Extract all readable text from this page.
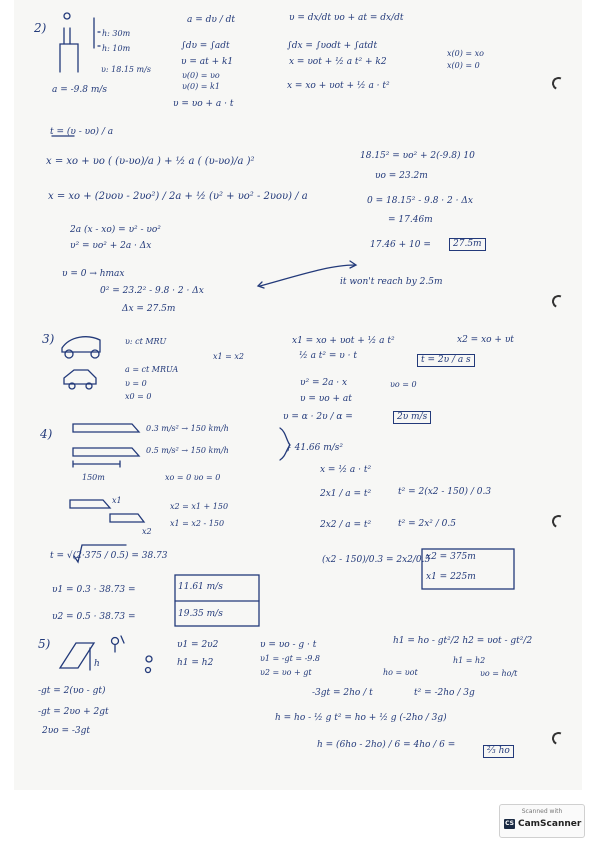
2)	h: 30m
h: 10m
υ: 18.15 m/s
a = -9.8 m/s
a = dυ / dt
∫dυ = ∫adt
υ = at + k1
υ(0) = υo
υ(0) = k1
υ = υo + a · t
υ = dx/dt υo + at = dx/dt
∫dx = ∫υodt + ∫atdt
x = υot + ½ a t² + k2
x = xo + υot + ½ a · t²
x(0) = xo
x(0) = 0
t = (υ - υo) / a
x = xo + υo ( (υ-υo)/a ) + ½ a ( (υ-υo)/a )²
x = xo + (2υoυ - 2υo²) / 2a + ½ (υ² + υo² - 2υoυ) / a
2a (x - xo) = υ² - υo²
υ² = υo² + 2a · Δx
υ = 0 → hmax
0² = 23.2² - 9.8 · 2 · Δx
Δx = 27.5m
18.15² = υo² + 2(-9.8) 10
υo = 23.2m
0 = 18.15² - 9.8 · 2 · Δx
= 17.46m
17.46 + 10 =	27.5m
it won't reach by 2.5m
3)	υ: ct MRU
x1 = x2
a = ct MRUA
υ = 0
x0 = 0
x1 = xo + υot + ½ a t²	x2 = xo + υt
½ a t² = υ · t	t = 2υ / a s
υ² = 2a · x	υo = 0
υ = υo + at
υ = α · 2υ / α =	2υ m/s
4)	0.3 m/s² → 150 km/h
0.5 m/s² → 150 km/h	} 41.66 m/s²
150m	xo = 0 υo = 0
x = ½ a · t²
2x1 / a = t²	t² = 2(x2 - 150) / 0.3
x1
x2 = x1 + 150
x1 = x2 - 150	2x2 / a = t²	t² = 2x² / 0.5
x2
t = √(2·375 / 0.5) = 38.73	(x2 - 150)/0.3 = 2x2/0.5
x2 = 375m
x1 = 225m
υ1 = 0.3 · 38.73 =	11.61 m/s
υ2 = 0.5 · 38.73 =	19.35 m/s
5)	υ1 = 2υ2
h1 = h2
h
υ = υo - g · t
υ1 = -gt = -9.8
υ2 = υo + gt	ho = υot
h1 = ho - gt²/2 h2 = υot - gt²/2
h1 = h2
υo = ho/t
-gt = 2(υo - gt)
-gt = 2υo + 2gt
2υo = -3gt
-3gt = 2ho / t	t² = -2ho / 3g
h = ho - ½ g t² = ho + ½ g (-2ho / 3g)
h = (6ho - 2ho) / 6 = 4ho / 6 =
⅔ ho
Scanned with
CS CamScanner
